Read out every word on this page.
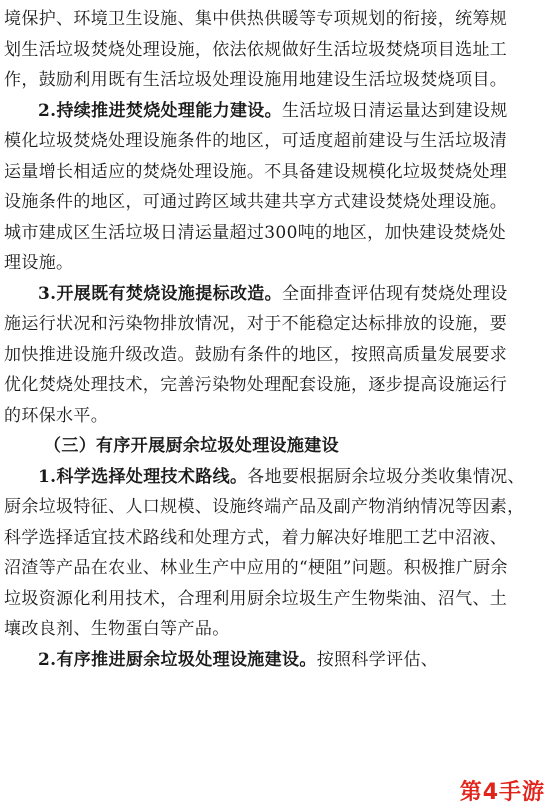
境保护、环境卫生设施、集中供热供暖等专项规划的衔接，统筹规
划生活垃圾焚烧处理设施，依法依规做好生活垃圾焚烧项目选址工
作，鼓励利用既有生活垃圾处理设施用地建设生活垃圾焚烧项目。
2.持续推进焚烧处理能力建设。生活垃圾日清运量达到建设规
模化垃圾焚烧处理设施条件的地区，可适度超前建设与生活垃圾清
运量增长相适应的焚烧处理设施。不具备建设规模化垃圾焚烧处理
设施条件的地区，可通过跨区域共建共享方式建设焚烧处理设施。
城市建成区生活垃圾日清运量超过300吨的地区，加快建设焚烧处
理设施。
3.开展既有焚烧设施提标改造。全面排查评估现有焚烧处理设
施运行状况和污染物排放情况，对于不能稳定达标排放的设施，要
加快推进设施升级改造。鼓励有条件的地区，按照高质量发展要求
优化焚烧处理技术，完善污染物处理配套设施，逐步提高设施运行
的环保水平。
（三）有序开展厨余垃圾处理设施建设
1.科学选择处理技术路线。各地要根据厨余垃圾分类收集情况、
厨余垃圾特征、人口规模、设施终端产品及副产物消纳情况等因素，
科学选择适宜技术路线和处理方式，着力解决好堆肥工艺中沼液、
沼渣等产品在农业、林业生产中应用的“梗阻”问题。积极推广厨余
垃圾资源化利用技术，合理利用厨余垃圾生产生物柴油、沼气、土
壤改良剂、生物蛋白等产品。
2.有序推进厨余垃圾处理设施建设。按照科学评估、
第4手游
